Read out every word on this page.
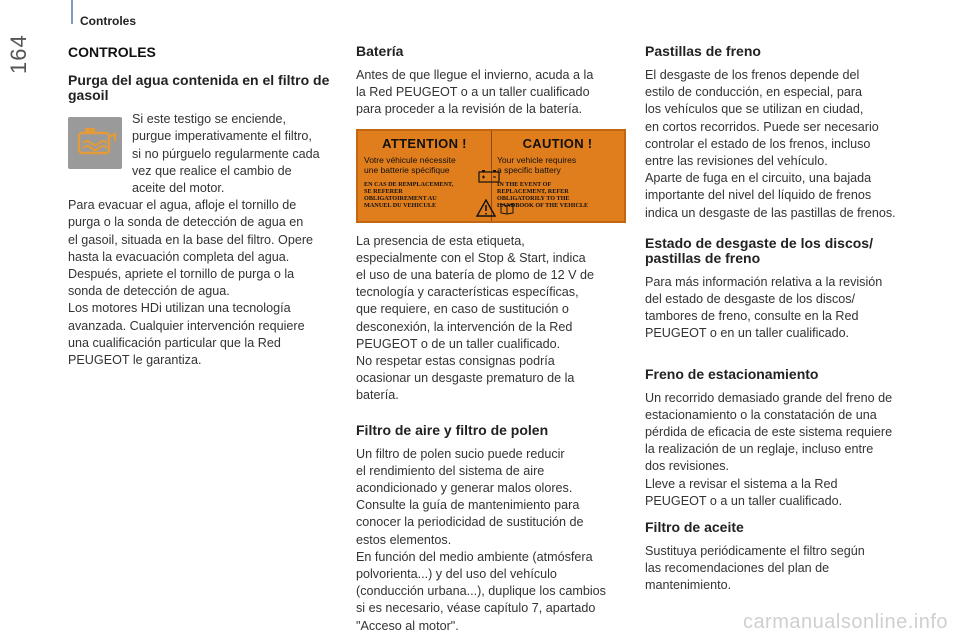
164
Controles
CONTROLES
Purga del agua contenida en el filtro de gasoil

Si este testigo se enciende,
purgue imperativamente el filtro,
si no púrguelo regularmente cada
vez que realice el cambio de
aceite del motor.

Para evacuar el agua, afloje el tornillo de
purga o la sonda de detección de agua en
el gasoil, situada en la base del filtro. Opere
hasta la evacuación completa del agua.
Después, apriete el tornillo de purga o la
sonda de detección de agua.
Los motores HDi utilizan una tecnología
avanzada. Cualquier intervención requiere
una cualificación particular que la Red
PEUGEOT le garantiza.

Batería

Antes de que llegue el invierno, acuda a la
la Red PEUGEOT o a un taller cualificado
para proceder a la revisión de la batería.

ATTENTION !
Votre véhicule nécessite
une batterie spécifique
EN CAS DE REMPLACEMENT,
SE REFERER
OBLIGATOIREMENT AU
MANUEL DU VEHICULE
CAUTION !
Your vehicle requires
a specific battery
IN THE EVENT OF
REPLACEMENT, REFER
OBLIGATORILY TO THE
HANDBOOK OF THE VEHICLE

La presencia de esta etiqueta,
especialmente con el Stop & Start, indica
el uso de una batería de plomo de 12 V de
tecnología y características específicas,
que requiere, en caso de sustitución o
desconexión, la intervención de la Red
PEUGEOT o de un taller cualificado.
No respetar estas consignas podría
ocasionar un desgaste prematuro de la
batería.

Filtro de aire y filtro de polen

Un filtro de polen sucio puede reducir
el rendimiento del sistema de aire
acondicionado y generar malos olores.
Consulte la guía de mantenimiento para
conocer la periodicidad de sustitución de
estos elementos.
En función del medio ambiente (atmósfera
polvorienta...) y del uso del vehículo
(conducción urbana...), duplique los cambios
si es necesario, véase capítulo 7, apartado
"Acceso al motor".

Pastillas de freno

El desgaste de los frenos depende del
estilo de conducción, en especial, para
los vehículos que se utilizan en ciudad,
en cortos recorridos. Puede ser necesario
controlar el estado de los frenos, incluso
entre las revisiones del vehículo.
Aparte de fuga en el circuito, una bajada
importante del nivel del líquido de frenos
indica un desgaste de las pastillas de frenos.

Estado de desgaste de los discos/ pastillas de freno

Para más información relativa a la revisión
del estado de desgaste de los discos/
tambores de freno, consulte en la Red
PEUGEOT o en un taller cualificado.

Freno de estacionamiento

Un recorrido demasiado grande del freno de
estacionamiento o la constatación de una
pérdida de eficacia de este sistema requiere
la realización de un reglaje, incluso entre
dos revisiones.
Lleve a revisar el sistema a la Red
PEUGEOT o a un taller cualificado.

Filtro de aceite

Sustituya periódicamente el filtro según
las recomendaciones del plan de
mantenimiento.

carmanualsonline.info
